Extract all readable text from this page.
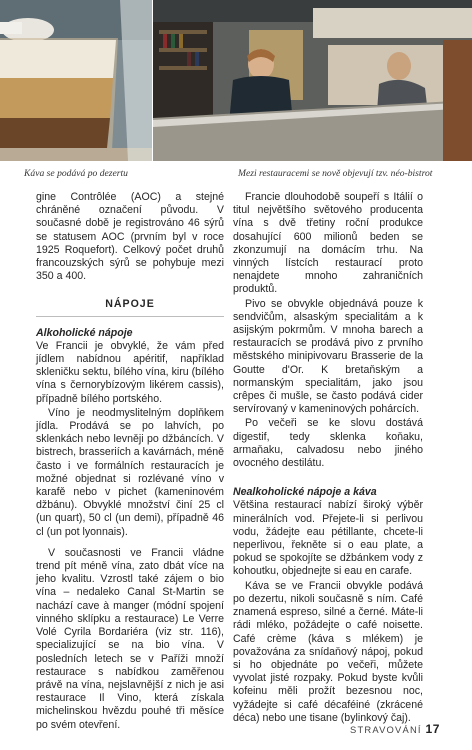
Káva se podává po dezertu	Mezi restauracemi se nově objevují tzv. néo-bistrot

gine Contrôlée (AOC) a stejné chráněné označení původu. V současné době je registrováno 46 sýrů se statusem AOC (prvním byl v roce 1925 Roquefort). Celkový počet druhů francouzských sýrů se pohybuje mezi 350 a 400.

NÁPOJE
Alkoholické nápoje

Ve Francii je obvyklé, že vám před jídlem nabídnou apéritif, například skleničku sektu, bílého vína, kiru (bílého vína s černorybízovým likérem cassis), případně bílého portského.

Víno je neodmyslitelným doplňkem jídla. Prodává se po lahvích, po sklenkách nebo levněji po džbáncích. V bistrech, brasseriích a kavárnách, méně často i ve formálních restauracích je možné objednat si rozlévané víno v karafě nebo v pichet (kameninovém džbánu). Obvyklé množství činí 25 cl (un quart), 50 cl (un demi), případně 46 cl (un pot lyonnais).

V současnosti ve Francii vládne trend pít méně vína, zato dbát více na jeho kvalitu. Vzrostl také zájem o bio vína – nedaleko Canal St-Martin se nachází cave à manger (módní spojení vinného sklípku a restaurace) Le Verre Volé Cyrila Bordariéra (viz str. 116), specializující se na bio vína. V posledních letech se v Paříži množí restaurace s nabídkou zaměřenou právě na vína, nejslavnější z nich je asi restaurace Il Vino, která získala michelinskou hvězdu pouhé tři měsíce po svém otevření.

Francie dlouhodobě soupeří s Itálií o titul největšího světového producenta vína s dvě třetiny roční produkce dosahující 600 milionů beden se zkonzumují na domácím trhu. Na vinných lístcích restaurací proto nenajdete mnoho zahraničních produktů.

Pivo se obvykle objednává pouze k sendvičům, alsaským specialitám a k asijským pokrmům. V mnoha barech a restauracích se prodává pivo z prvního městského minipivovaru Brasserie de la Goutte d'Or. K bretaňským a normanským specialitám, jako jsou crêpes či mušle, se často podává cider servírovaný v kameninových pohárcích.

Po večeři se ke slovu dostává digestif, tedy sklenka koňaku, armaňaku, calvadosu nebo jiného ovocného destilátu.

Nealkoholické nápoje a káva

Většina restaurací nabízí široký výběr minerálních vod. Přejete-li si perlivou vodu, žádejte eau pétillante, chcete-li neperlivou, řekněte si o eau plate, a pokud se spokojíte se džbánkem vody z kohoutku, objednejte si eau en carafe.

Káva se ve Francii obvykle podává po dezertu, nikoli současně s ním. Café znamená espreso, silné a černé. Máte-li rádi mléko, požádejte o café noisette. Café crème (káva s mlékem) je považována za snídaňový nápoj, pokud si ho objednáte po večeři, můžete vyvolat jisté rozpaky. Pokud byste kvůli kofeinu měli prožít bezesnou noc, vyžádejte si café décaféiné (zkrácené déca) nebo une tisane (bylinkový čaj).

STRAVOVÁNÍ 17
